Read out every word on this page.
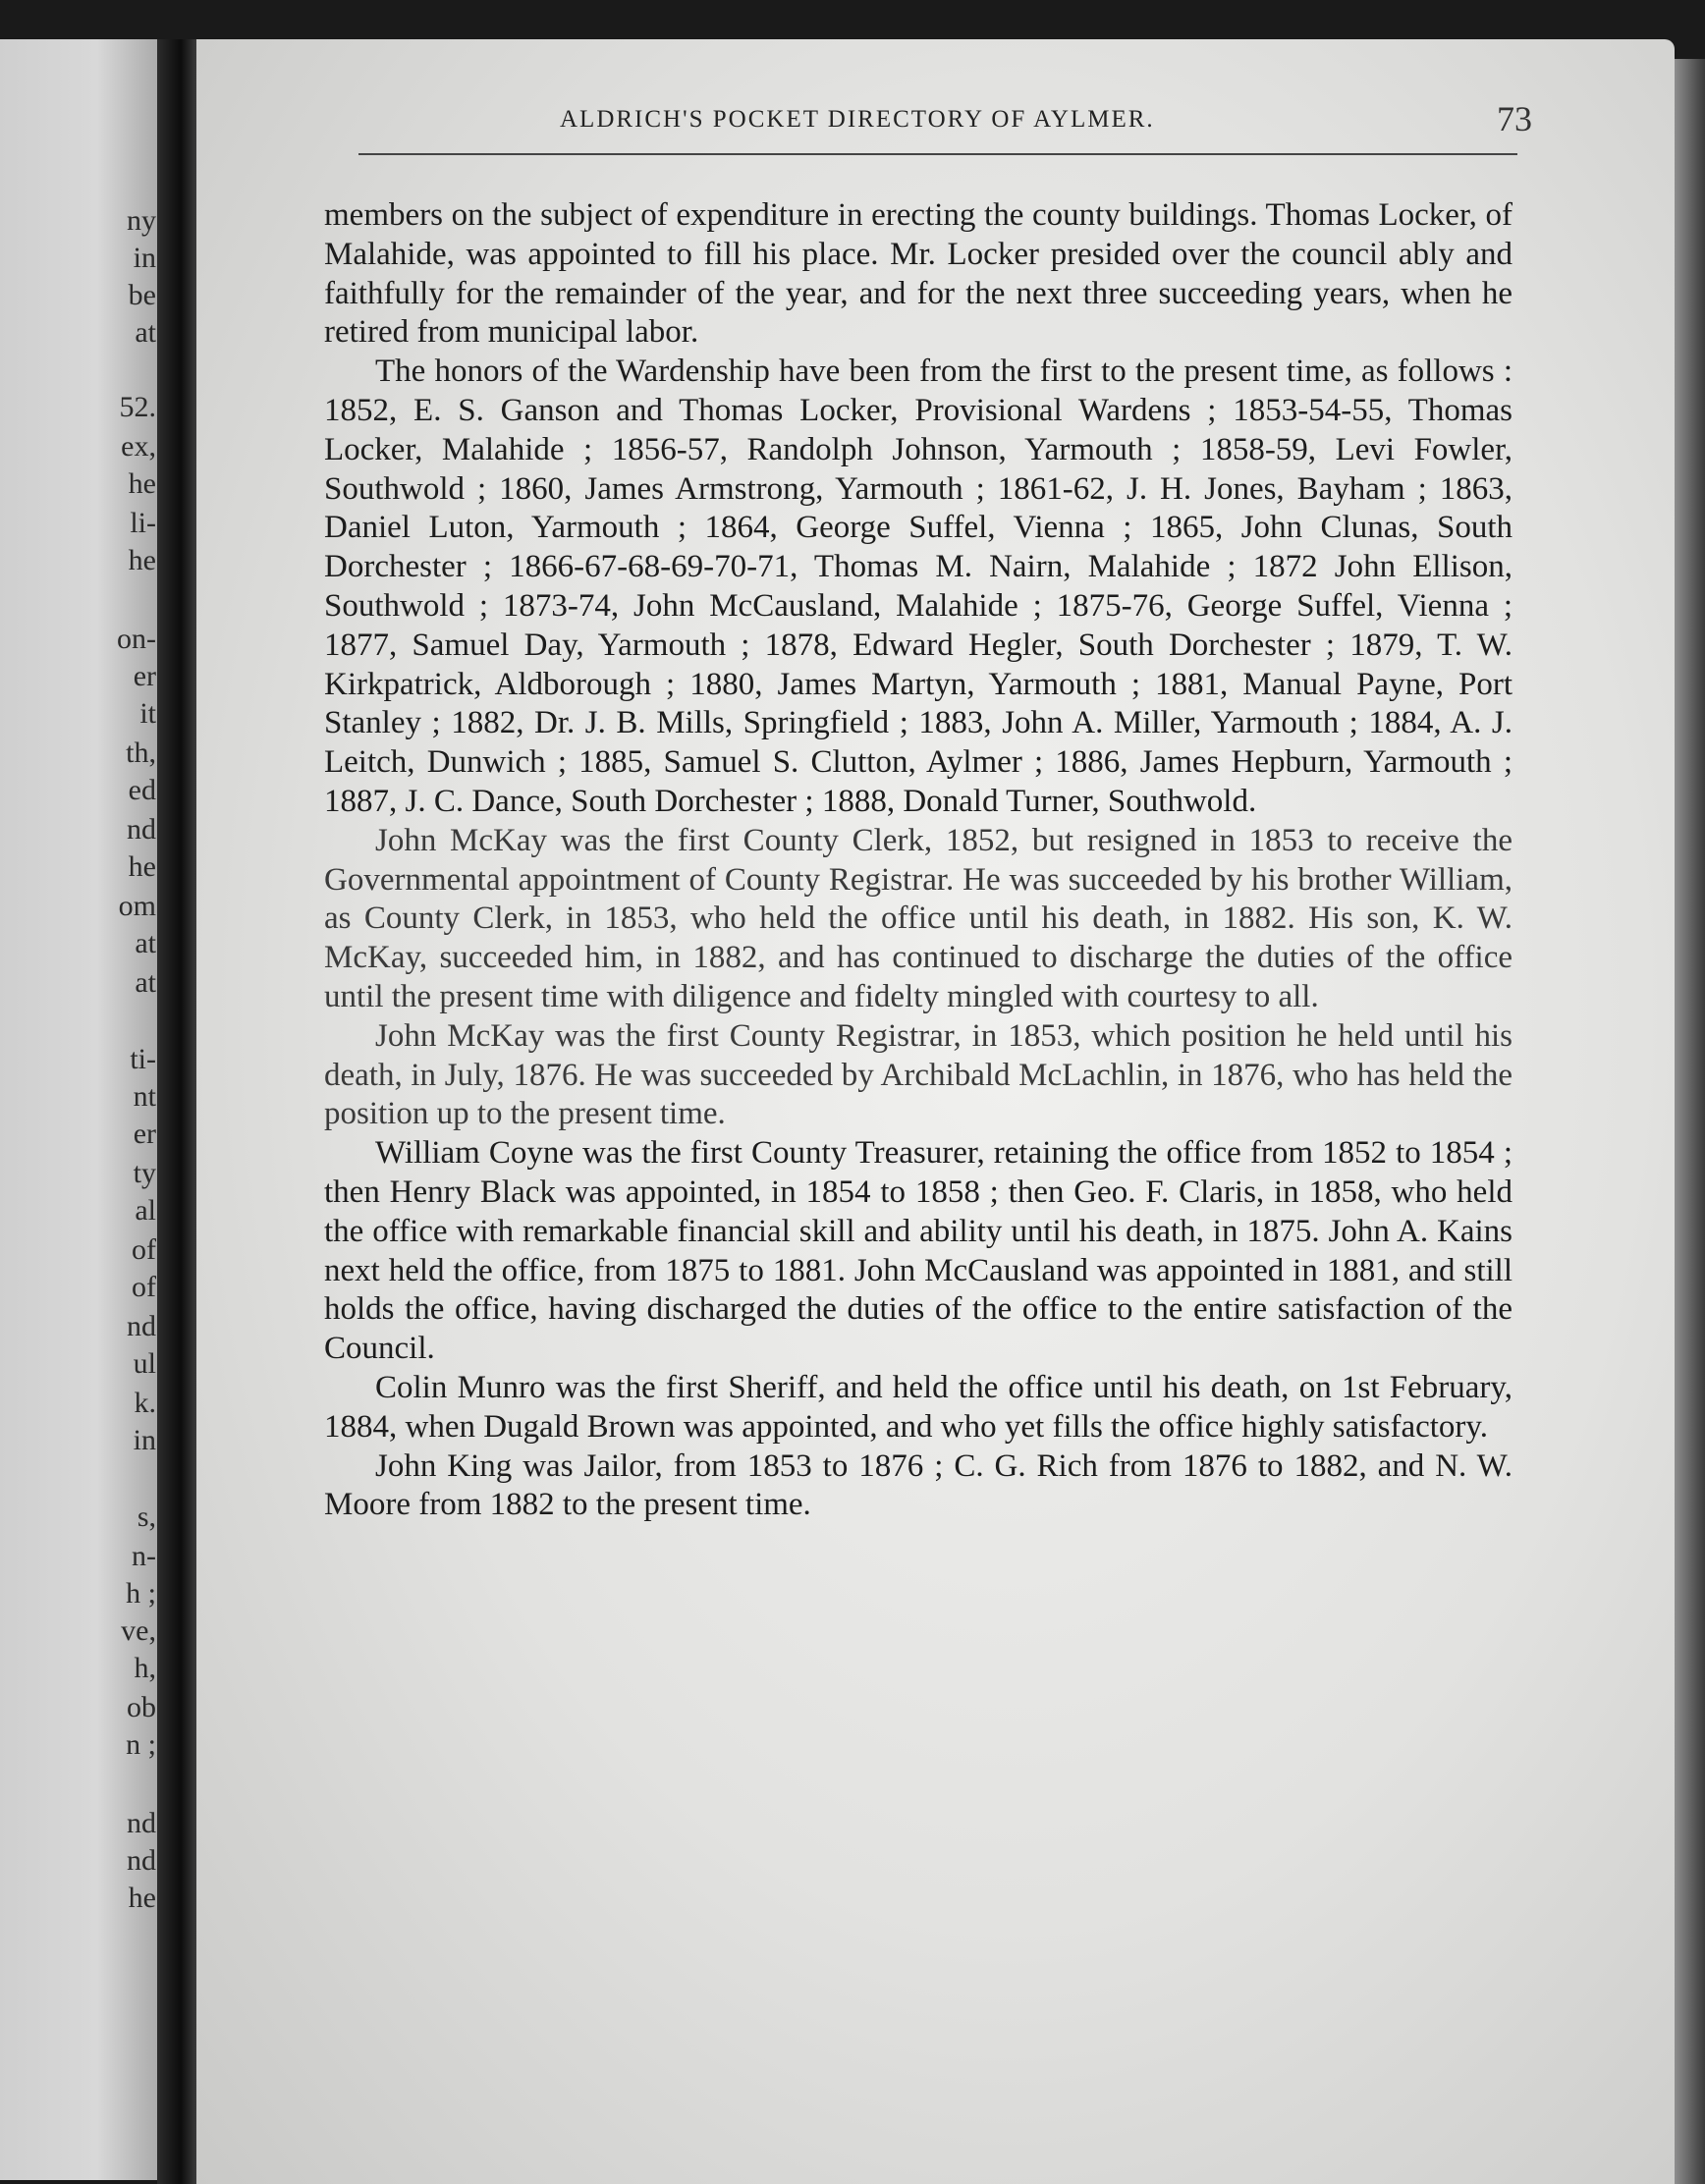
ny
in
be
at
52.
ex,
he
li-
he
on-
er
it
th,
ed
nd
he
om
at
at
ti-
nt
er
ty
al
of
of
nd
ul
k.
in
s,
n-
h ;
ve,
h,
ob
n ;
nd
nd
he
ALDRICH'S POCKET DIRECTORY OF AYLMER.	73

members on the subject of expenditure in erecting the county buildings. Thomas Locker, of Malahide, was appointed to fill his place. Mr. Locker presided over the council ably and faithfully for the remainder of the year, and for the next three succeeding years, when he retired from municipal labor.

The honors of the Wardenship have been from the first to the present time, as follows : 1852, E. S. Ganson and Thomas Locker, Provisional Wardens ; 1853-54-55, Thomas Locker, Malahide ; 1856-57, Randolph Johnson, Yarmouth ; 1858-59, Levi Fowler, Southwold ; 1860, James Armstrong, Yarmouth ; 1861-62, J. H. Jones, Bayham ; 1863, Daniel Luton, Yarmouth ; 1864, George Suffel, Vienna ; 1865, John Clunas, South Dorchester ; 1866-67-68-69-70-71, Thomas M. Nairn, Malahide ; 1872 John Ellison, Southwold ; 1873-74, John McCausland, Malahide ; 1875-76, George Suffel, Vienna ; 1877, Samuel Day, Yarmouth ; 1878, Edward Hegler, South Dorchester ; 1879, T. W. Kirkpatrick, Aldborough ; 1880, James Martyn, Yarmouth ; 1881, Manual Payne, Port Stanley ; 1882, Dr. J. B. Mills, Springfield ; 1883, John A. Miller, Yarmouth ; 1884, A. J. Leitch, Dunwich ; 1885, Samuel S. Clutton, Aylmer ; 1886, James Hepburn, Yarmouth ; 1887, J. C. Dance, South Dorchester ; 1888, Donald Turner, Southwold.

John McKay was the first County Clerk, 1852, but resigned in 1853 to receive the Governmental appointment of County Registrar. He was succeeded by his brother William, as County Clerk, in 1853, who held the office until his death, in 1882. His son, K. W. McKay, succeeded him, in 1882, and has continued to discharge the duties of the office until the present time with diligence and fidelty mingled with courtesy to all.

John McKay was the first County Registrar, in 1853, which position he held until his death, in July, 1876. He was succeeded by Archibald McLachlin, in 1876, who has held the position up to the present time.

William Coyne was the first County Treasurer, retaining the office from 1852 to 1854 ; then Henry Black was appointed, in 1854 to 1858 ; then Geo. F. Claris, in 1858, who held the office with remarkable financial skill and ability until his death, in 1875. John A. Kains next held the office, from 1875 to 1881. John McCausland was appointed in 1881, and still holds the office, having discharged the duties of the office to the entire satisfaction of the Council.

Colin Munro was the first Sheriff, and held the office until his death, on 1st February, 1884, when Dugald Brown was appointed, and who yet fills the office highly satisfactory.

John King was Jailor, from 1853 to 1876 ; C. G. Rich from 1876 to 1882, and N. W. Moore from 1882 to the present time.
